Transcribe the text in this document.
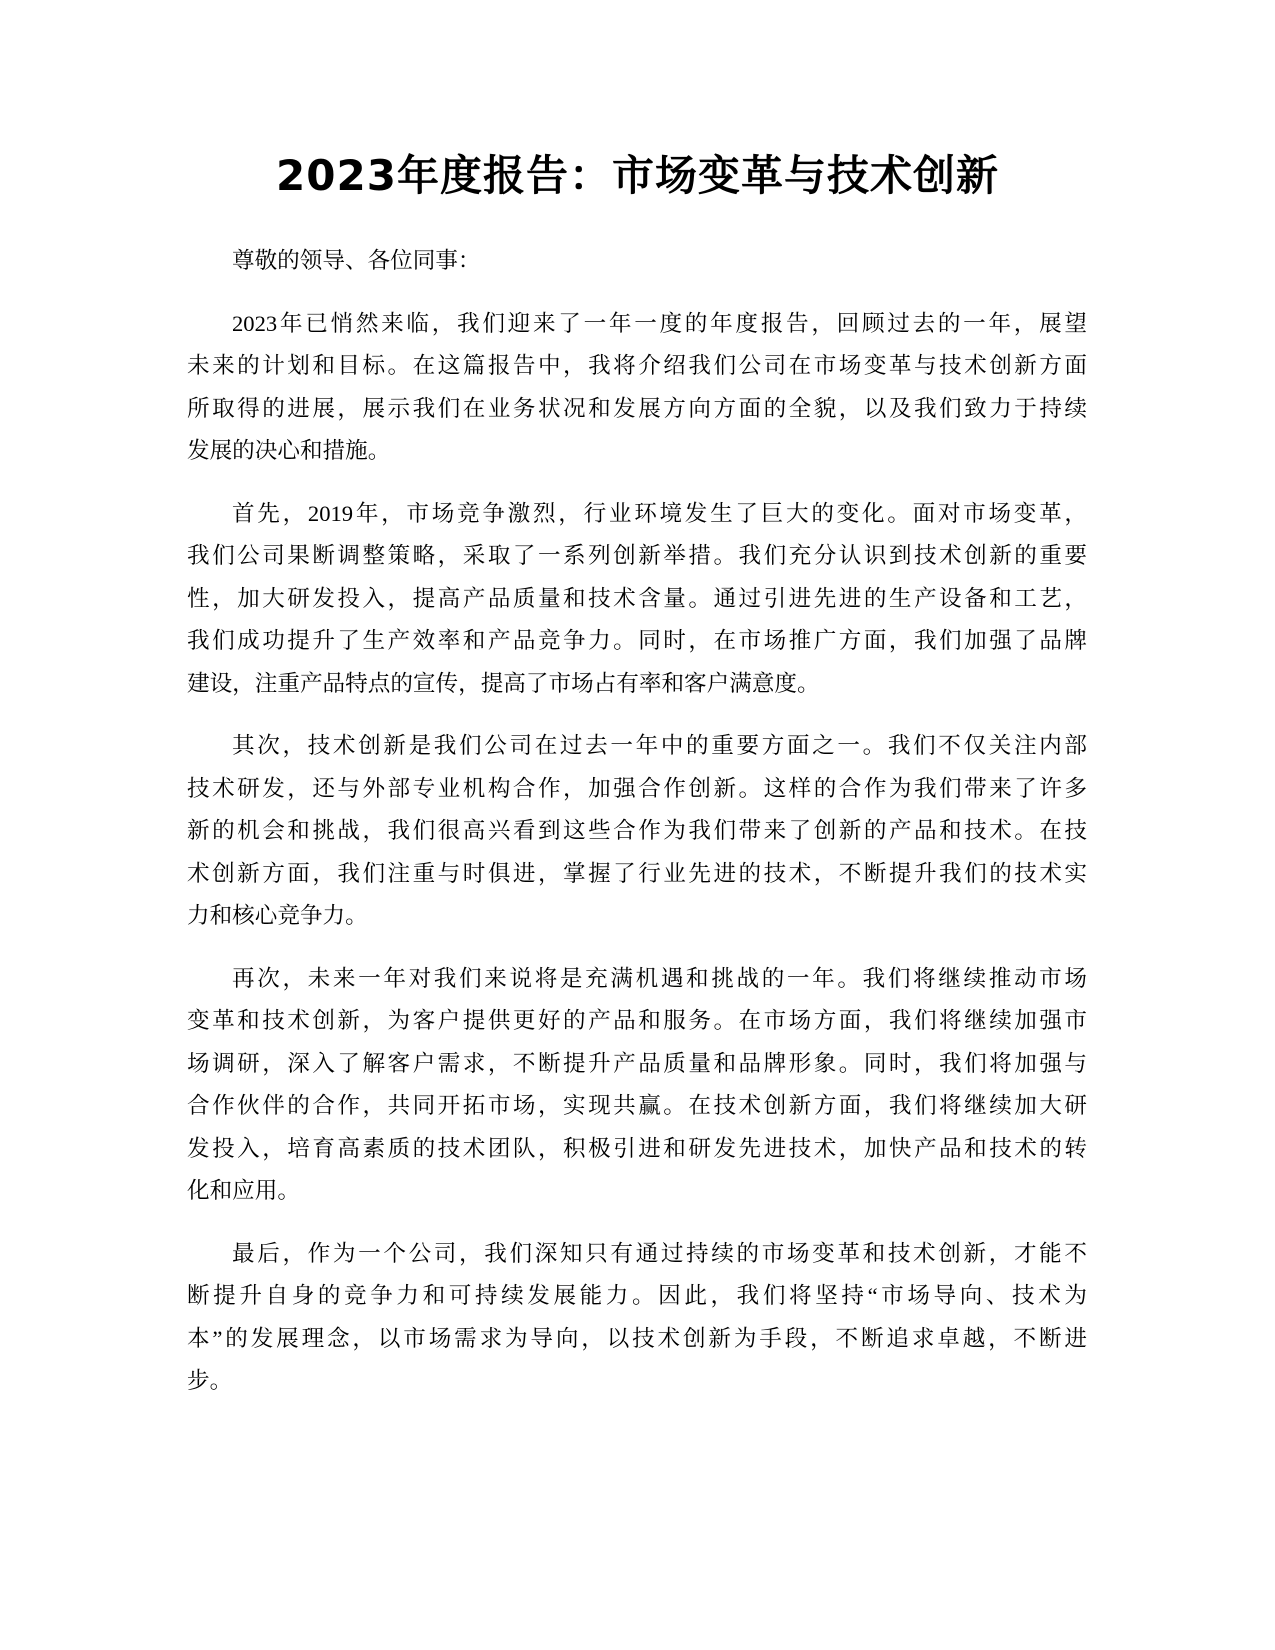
2023年度报告：市场变革与技术创新

尊敬的领导、各位同事：

2023年已悄然来临，我们迎来了一年一度的年度报告，回顾过去的一年，展望
未来的计划和目标。在这篇报告中，我将介绍我们公司在市场变革与技术创新方面
所取得的进展，展示我们在业务状况和发展方向方面的全貌，以及我们致力于持续
发展的决心和措施。

首先，2019年，市场竞争激烈，行业环境发生了巨大的变化。面对市场变革，
我们公司果断调整策略，采取了一系列创新举措。我们充分认识到技术创新的重要
性，加大研发投入，提高产品质量和技术含量。通过引进先进的生产设备和工艺，
我们成功提升了生产效率和产品竞争力。同时，在市场推广方面，我们加强了品牌
建设，注重产品特点的宣传，提高了市场占有率和客户满意度。

其次，技术创新是我们公司在过去一年中的重要方面之一。我们不仅关注内部
技术研发，还与外部专业机构合作，加强合作创新。这样的合作为我们带来了许多
新的机会和挑战，我们很高兴看到这些合作为我们带来了创新的产品和技术。在技
术创新方面，我们注重与时俱进，掌握了行业先进的技术，不断提升我们的技术实
力和核心竞争力。

再次，未来一年对我们来说将是充满机遇和挑战的一年。我们将继续推动市场
变革和技术创新，为客户提供更好的产品和服务。在市场方面，我们将继续加强市
场调研，深入了解客户需求，不断提升产品质量和品牌形象。同时，我们将加强与
合作伙伴的合作，共同开拓市场，实现共赢。在技术创新方面，我们将继续加大研
发投入，培育高素质的技术团队，积极引进和研发先进技术，加快产品和技术的转
化和应用。

最后，作为一个公司，我们深知只有通过持续的市场变革和技术创新，才能不
断提升自身的竞争力和可持续发展能力。因此，我们将坚持“市场导向、技术为
本”的发展理念，以市场需求为导向，以技术创新为手段，不断追求卓越，不断进
步。
